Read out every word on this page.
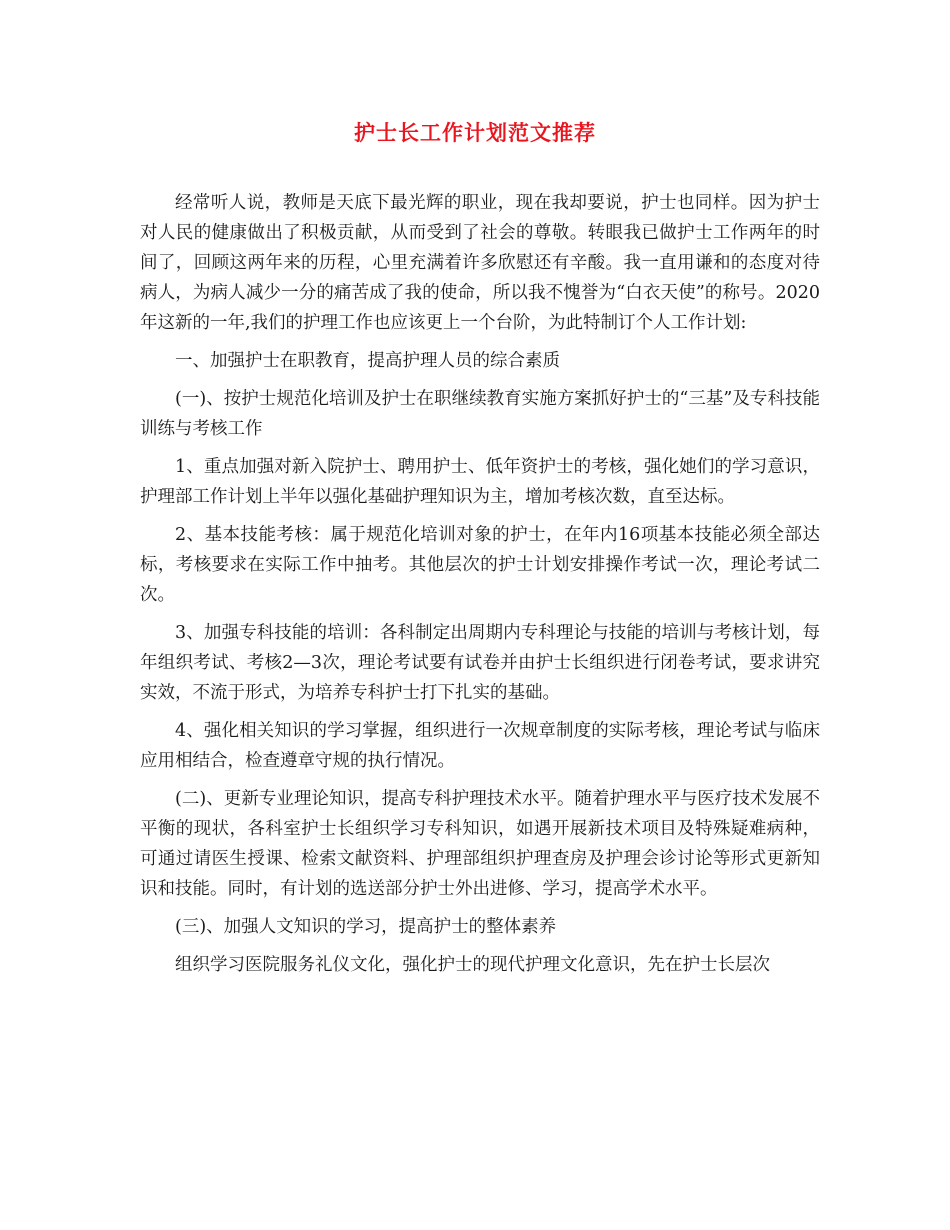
护士长工作计划范文推荐

经常听人说，教师是天底下最光辉的职业，现在我却要说，护士也同样。因为护士对人民的健康做出了积极贡献，从而受到了社会的尊敬。转眼我已做护士工作两年的时间了，回顾这两年来的历程，心里充满着许多欣慰还有辛酸。我一直用谦和的态度对待病人，为病人减少一分的痛苦成了我的使命，所以我不愧誉为“白衣天使”的称号。2020年这新的一年,我们的护理工作也应该更上一个台阶，为此特制订个人工作计划:

一、加强护士在职教育，提高护理人员的综合素质

(一)、按护士规范化培训及护士在职继续教育实施方案抓好护士的“三基”及专科技能训练与考核工作

1、重点加强对新入院护士、聘用护士、低年资护士的考核，强化她们的学习意识，护理部工作计划上半年以强化基础护理知识为主，增加考核次数，直至达标。

2、基本技能考核：属于规范化培训对象的护士，在年内16项基本技能必须全部达标，考核要求在实际工作中抽考。其他层次的护士计划安排操作考试一次，理论考试二次。

3、加强专科技能的培训：各科制定出周期内专科理论与技能的培训与考核计划，每年组织考试、考核2—3次，理论考试要有试卷并由护士长组织进行闭卷考试，要求讲究实效，不流于形式，为培养专科护士打下扎实的基础。

4、强化相关知识的学习掌握，组织进行一次规章制度的实际考核，理论考试与临床应用相结合，检查遵章守规的执行情况。

(二)、更新专业理论知识，提高专科护理技术水平。随着护理水平与医疗技术发展不平衡的现状，各科室护士长组织学习专科知识，如遇开展新技术项目及特殊疑难病种，可通过请医生授课、检索文献资料、护理部组织护理查房及护理会诊讨论等形式更新知识和技能。同时，有计划的选送部分护士外出进修、学习，提高学术水平。

(三)、加强人文知识的学习，提高护士的整体素养

组织学习医院服务礼仪文化，强化护士的现代护理文化意识，先在护士长层次
